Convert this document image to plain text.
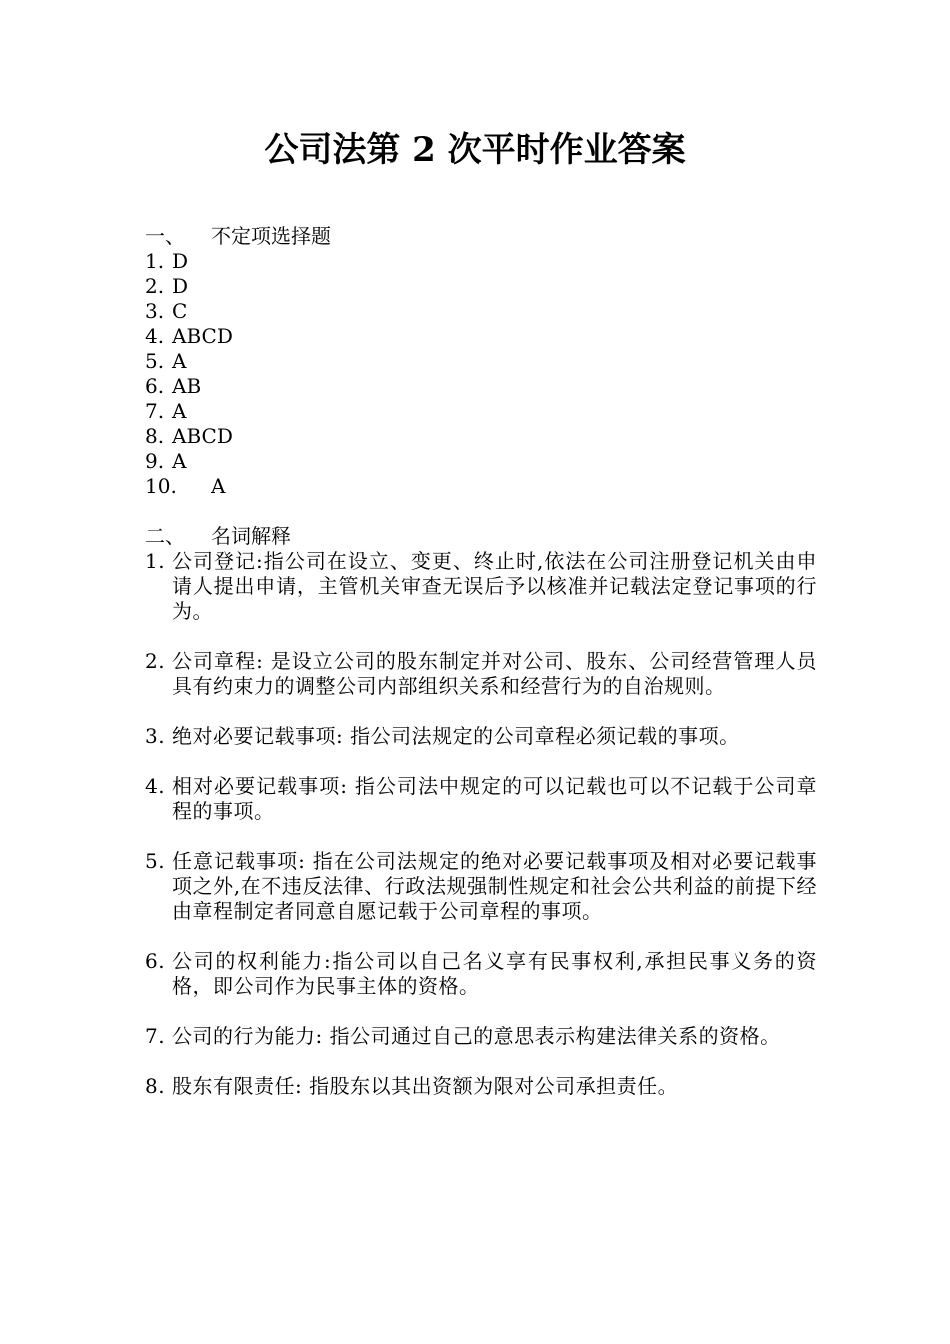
公司法第 2 次平时作业答案
一、 不定项选择题
1. D
2. D
3. C
4. ABCD
5. A
6. AB
7. A
8. ABCD
9. A
10. A
二、 名词解释
1. 公司登记:指公司在设立、变更、终止时,依法在公司注册登记机关由申请人提出申请，主管机关审查无误后予以核准并记载法定登记事项的行为。
2. 公司章程: 是设立公司的股东制定并对公司、股东、公司经营管理人员具有约束力的调整公司内部组织关系和经营行为的自治规则。
3. 绝对必要记载事项: 指公司法规定的公司章程必须记载的事项。
4. 相对必要记载事项: 指公司法中规定的可以记载也可以不记载于公司章程的事项。
5. 任意记载事项: 指在公司法规定的绝对必要记载事项及相对必要记载事项之外,在不违反法律、行政法规强制性规定和社会公共利益的前提下经由章程制定者同意自愿记载于公司章程的事项。
6. 公司的权利能力:指公司以自己名义享有民事权利,承担民事义务的资格，即公司作为民事主体的资格。
7. 公司的行为能力: 指公司通过自己的意思表示构建法律关系的资格。
8. 股东有限责任: 指股东以其出资额为限对公司承担责任。
